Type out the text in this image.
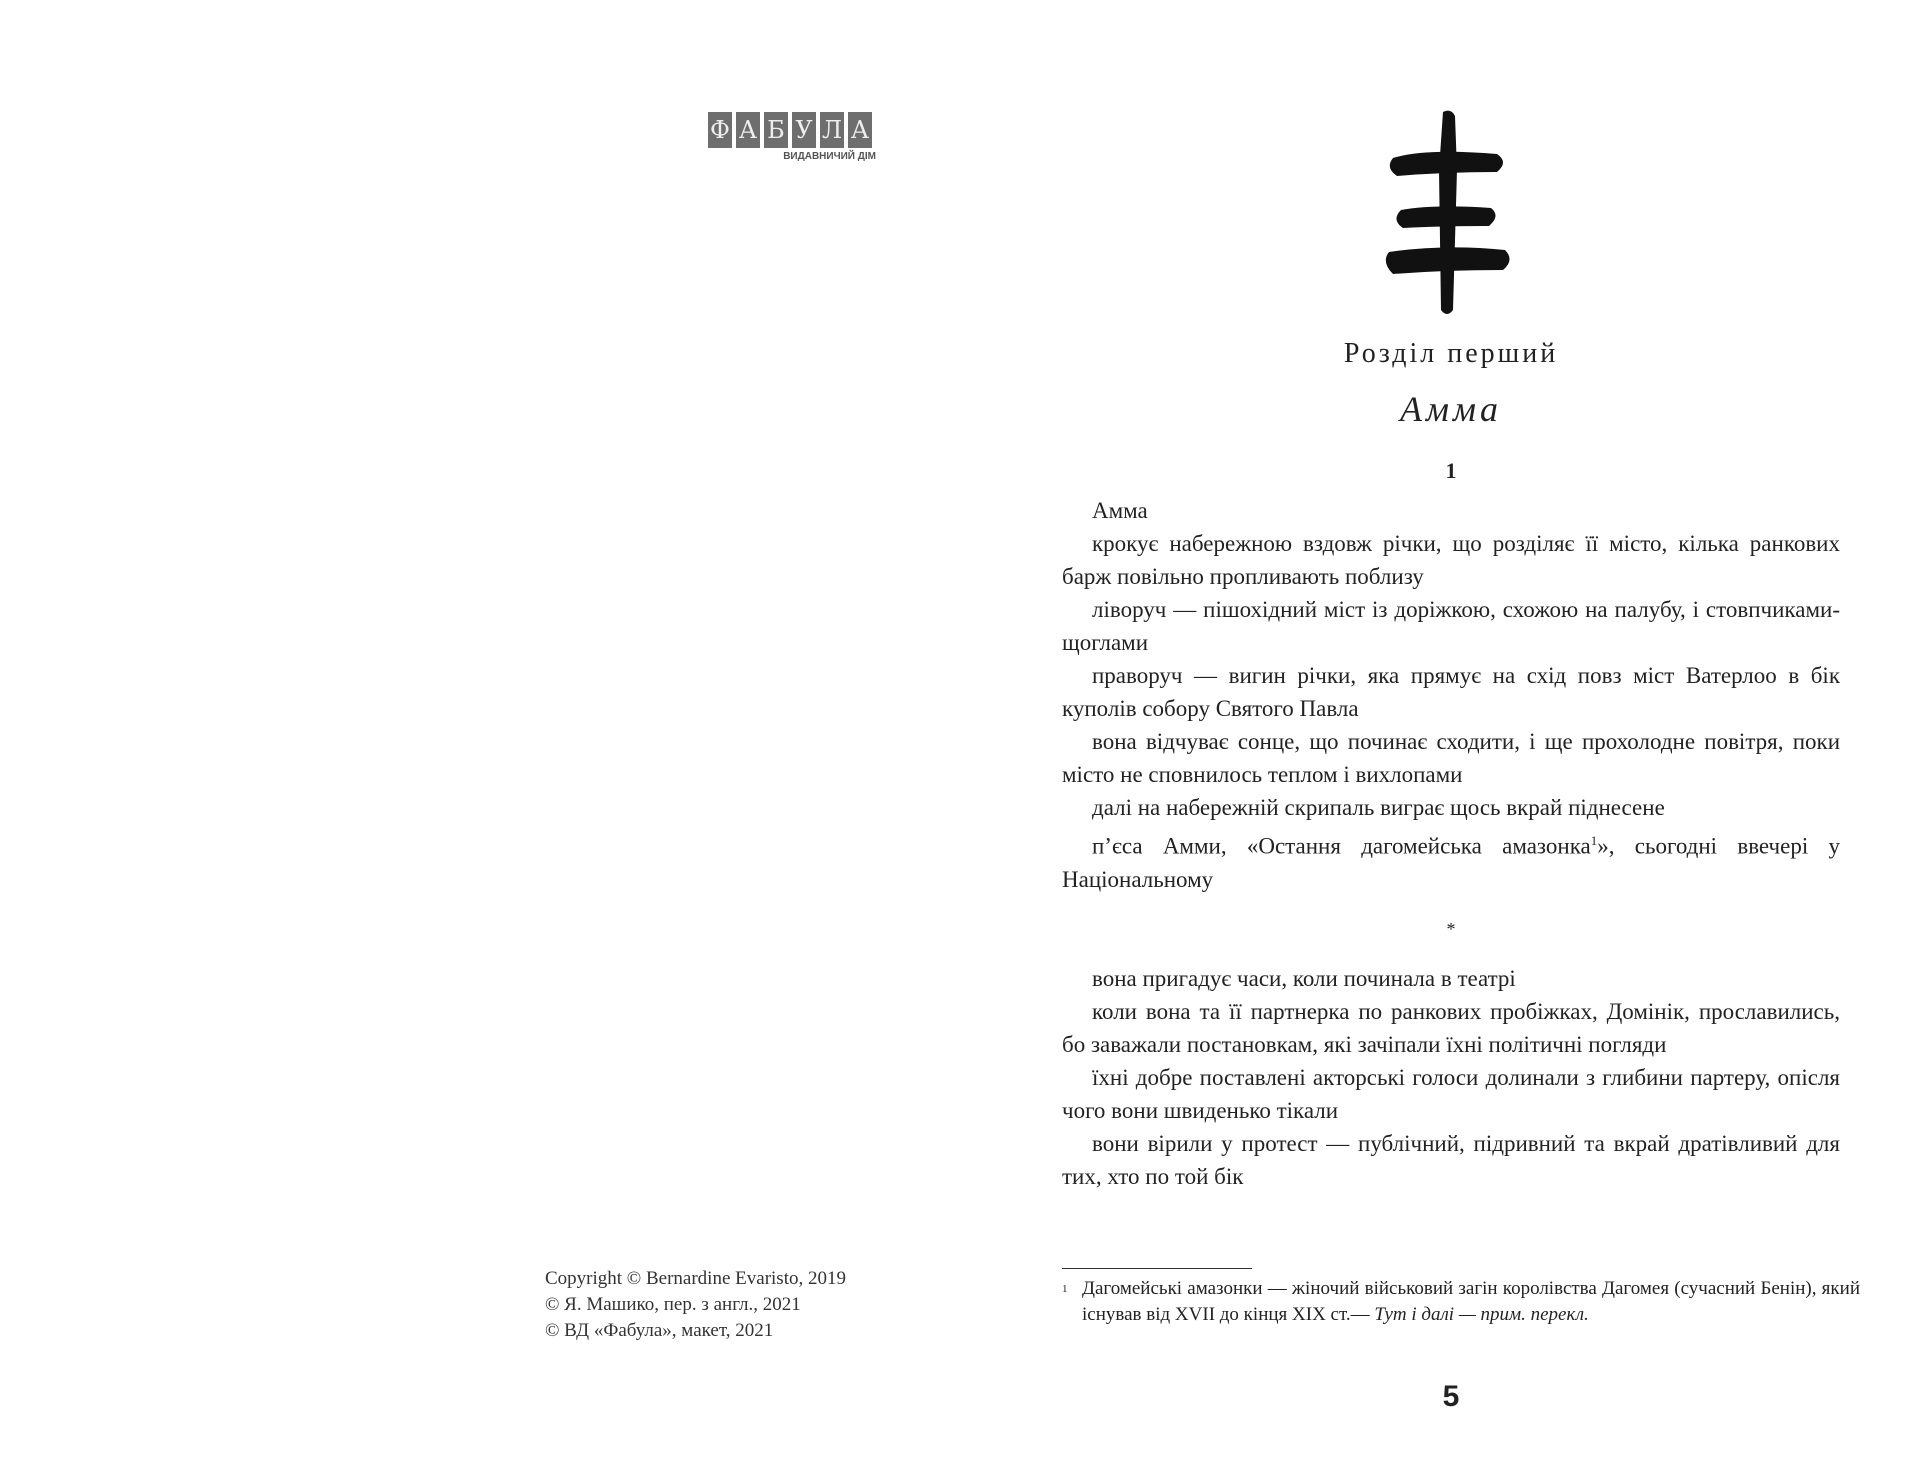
Ф А Б У Л А
ВИДАВНИЧИЙ ДІМ
Copyright © Bernardine Evaristo, 2019
© Я. Машико, пер. з англ., 2021
© ВД «Фабула», макет, 2021
Розділ перший
Амма
1

Амма

крокує набережною вздовж річки, що розділяє її місто, кілька ранкових барж повільно пропливають поблизу

ліворуч — пішохідний міст із доріжкою, схожою на палубу, і стовпчиками-щоглами

праворуч — вигин річки, яка прямує на схід повз міст Ватерлоо в бік куполів собору Святого Павла

вона відчуває сонце, що починає сходити, і ще прохолодне повітря, поки місто не сповнилось теплом і вихлопами

далі на набережній скрипаль виграє щось вкрай піднесене

п’єса Амми, «Остання дагомейська амазонка$^1$», сьогодні ввечері у Національному

*

вона пригадує часи, коли починала в театрі

коли вона та її партнерка по ранкових пробіжках, Домінік, прославились, бо заважали постановкам, які зачіпали їхні політичні погляди

їхні добре поставлені акторські голоси долинали з глибини партеру, опісля чого вони швиденько тікали

вони вірили у протест — публічний, підривний та вкрай дратівливий для тих, хто по той бік

1 Дагомейські амазонки — жіночий військовий загін королівства Дагомея (сучасний Бенін), який існував від XVII до кінця XIX ст.— Тут і далі — прим. перекл.
5
